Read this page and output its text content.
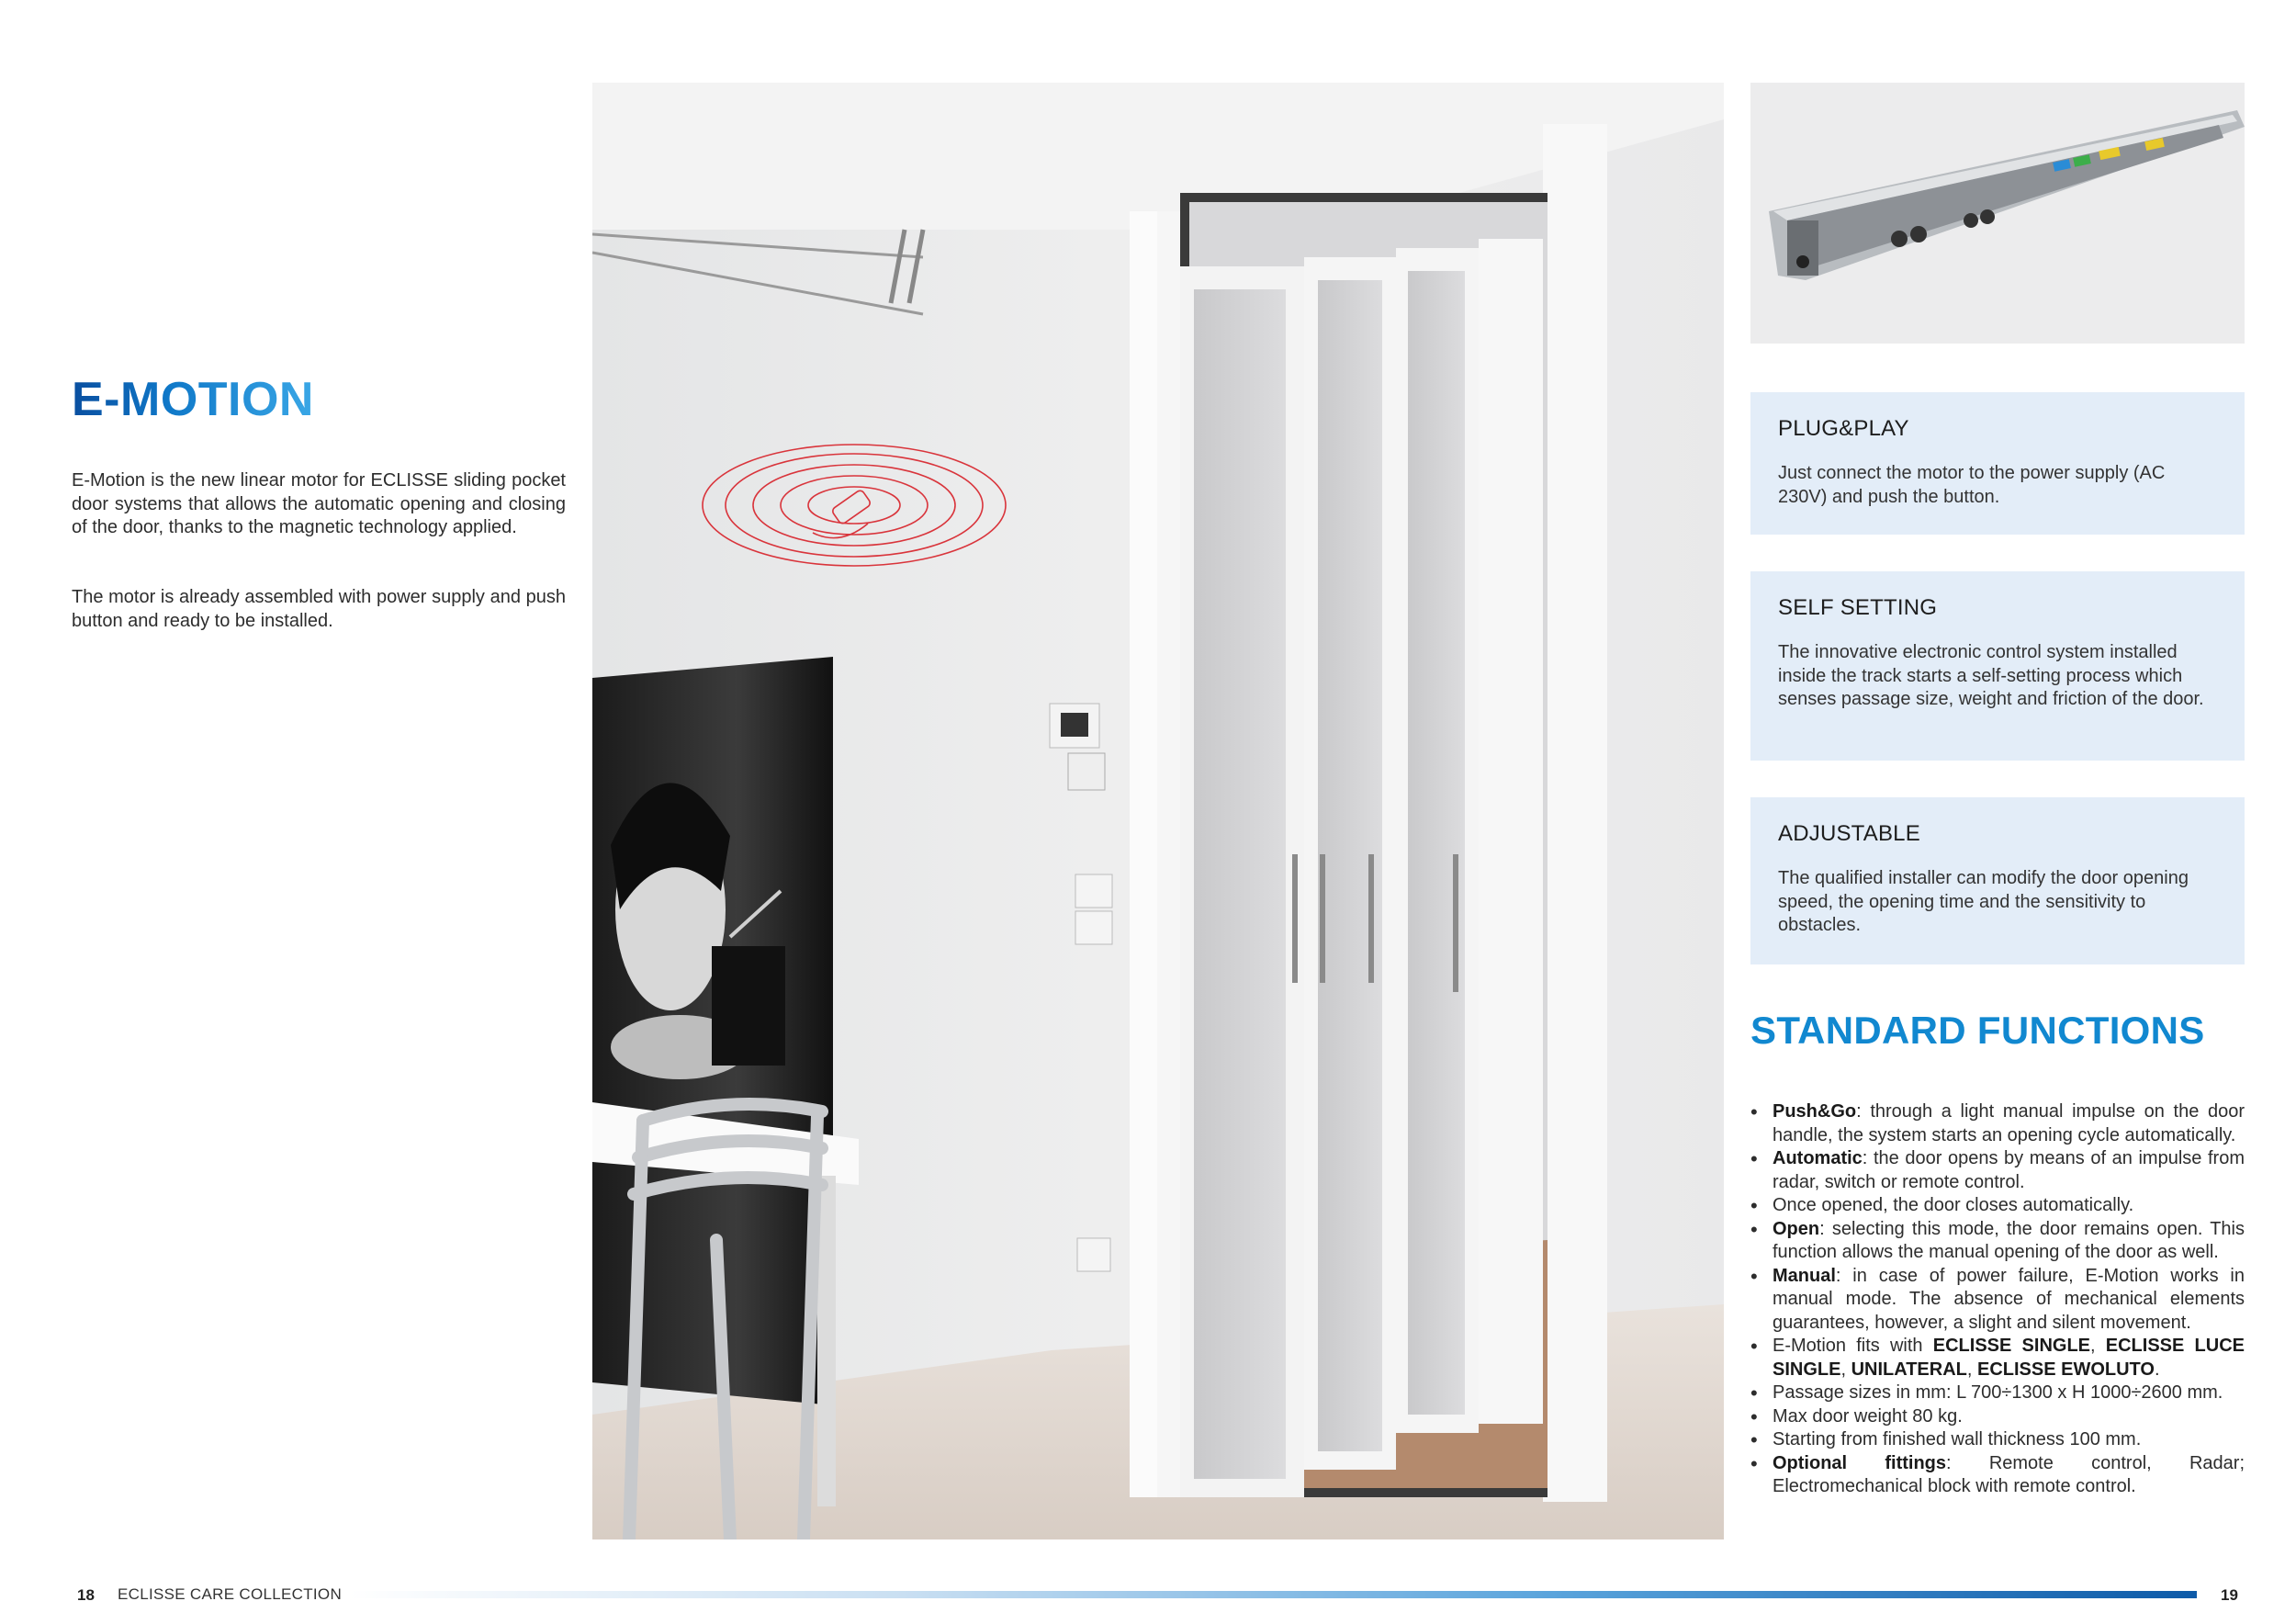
E-MOTION
E-Motion is the new linear motor for ECLISSE sliding pocket door systems that allows the automatic opening and closing of the door, thanks to the magnetic technology applied.
The motor is already assembled with power supply and push button and ready to be installed.
PLUG&PLAY

Just connect the motor to the power supply (AC 230V) and push the button.

SELF SETTING

The innovative electronic control system installed inside the track starts a self-setting process which senses passage size, weight and friction of the door.

ADJUSTABLE

The qualified installer can modify the door opening speed, the opening time and the sensitivity to obstacles.

STANDARD FUNCTIONS
• Push&Go: through a light manual impulse on the door handle, the system starts an opening cycle automatically.
• Automatic: the door opens by means of an impulse from radar, switch or remote control.
• Once opened, the door closes automatically.
• Open: selecting this mode, the door remains open. This function allows the manual opening of the door as well.
• Manual: in case of power failure, E-Motion works in manual mode. The absence of mechanical elements guarantees, however, a slight and silent movement.
• E-Motion fits with ECLISSE SINGLE, ECLISSE LUCE SINGLE, UNILATERAL, ECLISSE EWOLUTO.
• Passage sizes in mm: L 700÷1300 x H 1000÷2600 mm.
• Max door weight 80 kg.
• Starting from finished wall thickness 100 mm.
• Optional fittings: Remote control, Radar; Electromechanical block with remote control.
18 ECLISSE CARE COLLECTION	19
